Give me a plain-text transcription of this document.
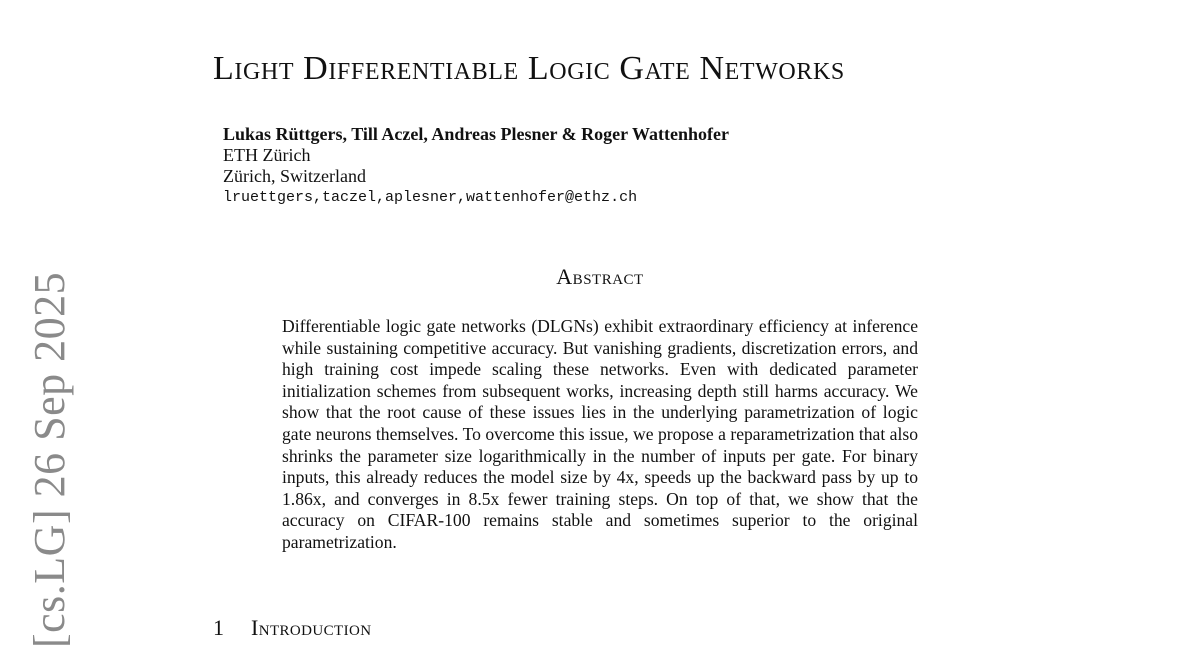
[cs.LG] 26 Sep 2025
Light Differentiable Logic Gate Networks
Lukas Rüttgers, Till Aczel, Andreas Plesner & Roger Wattenhofer
ETH Zürich
Zürich, Switzerland
lruettgers,taczel,aplesner,wattenhofer@ethz.ch
Abstract
Differentiable logic gate networks (DLGNs) exhibit extraordinary efficiency at inference while sustaining competitive accuracy. But vanishing gradients, discretization errors, and high training cost impede scaling these networks. Even with dedicated parameter initialization schemes from subsequent works, increasing depth still harms accuracy. We show that the root cause of these issues lies in the underlying parametrization of logic gate neurons themselves. To overcome this issue, we propose a reparametrization that also shrinks the parameter size logarithmically in the number of inputs per gate. For binary inputs, this already reduces the model size by 4x, speeds up the backward pass by up to 1.86x, and converges in 8.5x fewer training steps. On top of that, we show that the accuracy on CIFAR-100 remains stable and sometimes superior to the original parametrization.
1 Introduction
